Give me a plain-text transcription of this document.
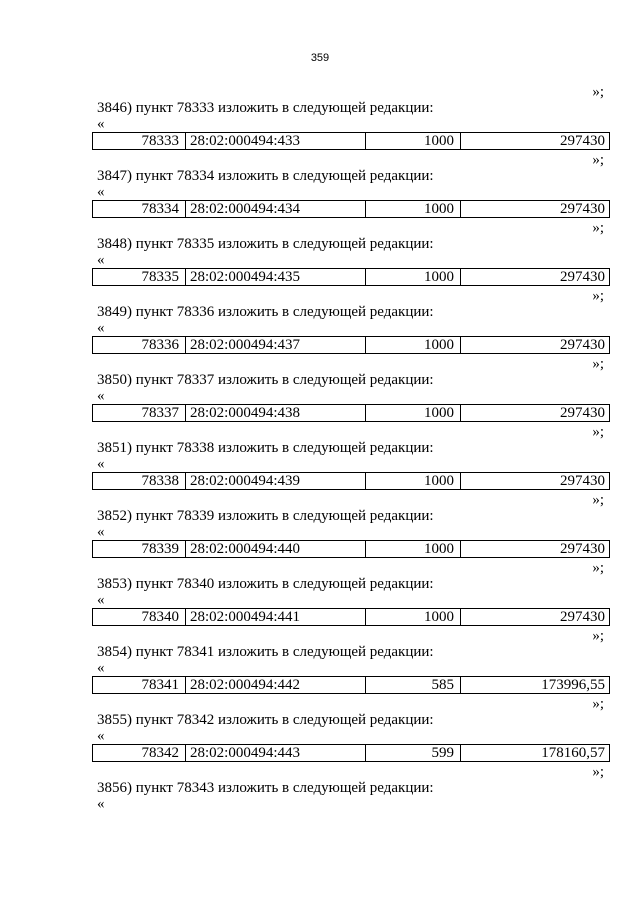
359
»;
3846) пункт 78333 изложить в следующей редакции:
«
78333 28:02:000494:433	1000	297430
»;
3847) пункт 78334 изложить в следующей редакции:
«
78334 28:02:000494:434	1000	297430
»;
3848) пункт 78335 изложить в следующей редакции:
«
78335 28:02:000494:435	1000	297430
»;
3849) пункт 78336 изложить в следующей редакции:
«
78336 28:02:000494:437	1000	297430
»;
3850) пункт 78337 изложить в следующей редакции:
«
78337 28:02:000494:438	1000	297430
»;
3851) пункт 78338 изложить в следующей редакции:
«
78338 28:02:000494:439	1000	297430
»;
3852) пункт 78339 изложить в следующей редакции:
«
78339 28:02:000494:440	1000	297430
»;
3853) пункт 78340 изложить в следующей редакции:
«
78340 28:02:000494:441	1000	297430
»;
3854) пункт 78341 изложить в следующей редакции:
«
78341 28:02:000494:442	585	173996,55
»;
3855) пункт 78342 изложить в следующей редакции:
«
78342 28:02:000494:443	599	178160,57
»;
3856) пункт 78343 изложить в следующей редакции:
«
